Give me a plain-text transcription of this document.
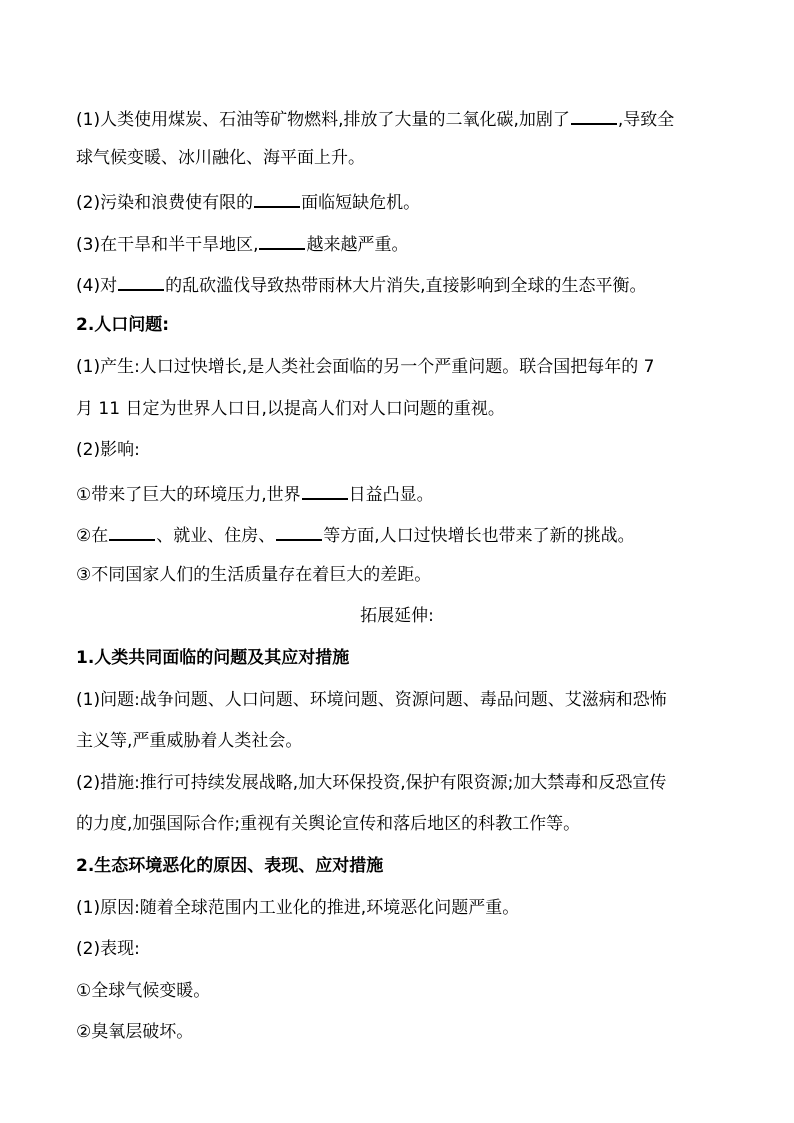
(1)人类使用煤炭、石油等矿物燃料,排放了大量的二氧化碳,加剧了	,导致全
球气候变暖、冰川融化、海平面上升。
(2)污染和浪费使有限的	面临短缺危机。
(3)在干旱和半干旱地区,	越来越严重。
(4)对	的乱砍滥伐导致热带雨林大片消失,直接影响到全球的生态平衡。
2.人口问题:
(1)产生:人口过快增长,是人类社会面临的另一个严重问题。联合国把每年的 7
月 11 日定为世界人口日,以提高人们对人口问题的重视。
(2)影响:
①带来了巨大的环境压力,世界	日益凸显。
②在	、就业、住房、	等方面,人口过快增长也带来了新的挑战。
③不同国家人们的生活质量存在着巨大的差距。
拓展延伸:
1.人类共同面临的问题及其应对措施
(1)问题:战争问题、人口问题、环境问题、资源问题、毒品问题、艾滋病和恐怖
主义等,严重威胁着人类社会。
(2)措施:推行可持续发展战略,加大环保投资,保护有限资源;加大禁毒和反恐宣传
的力度,加强国际合作;重视有关舆论宣传和落后地区的科教工作等。
2.生态环境恶化的原因、表现、应对措施
(1)原因:随着全球范围内工业化的推进,环境恶化问题严重。
(2)表现:
①全球气候变暖。
②臭氧层破坏。
